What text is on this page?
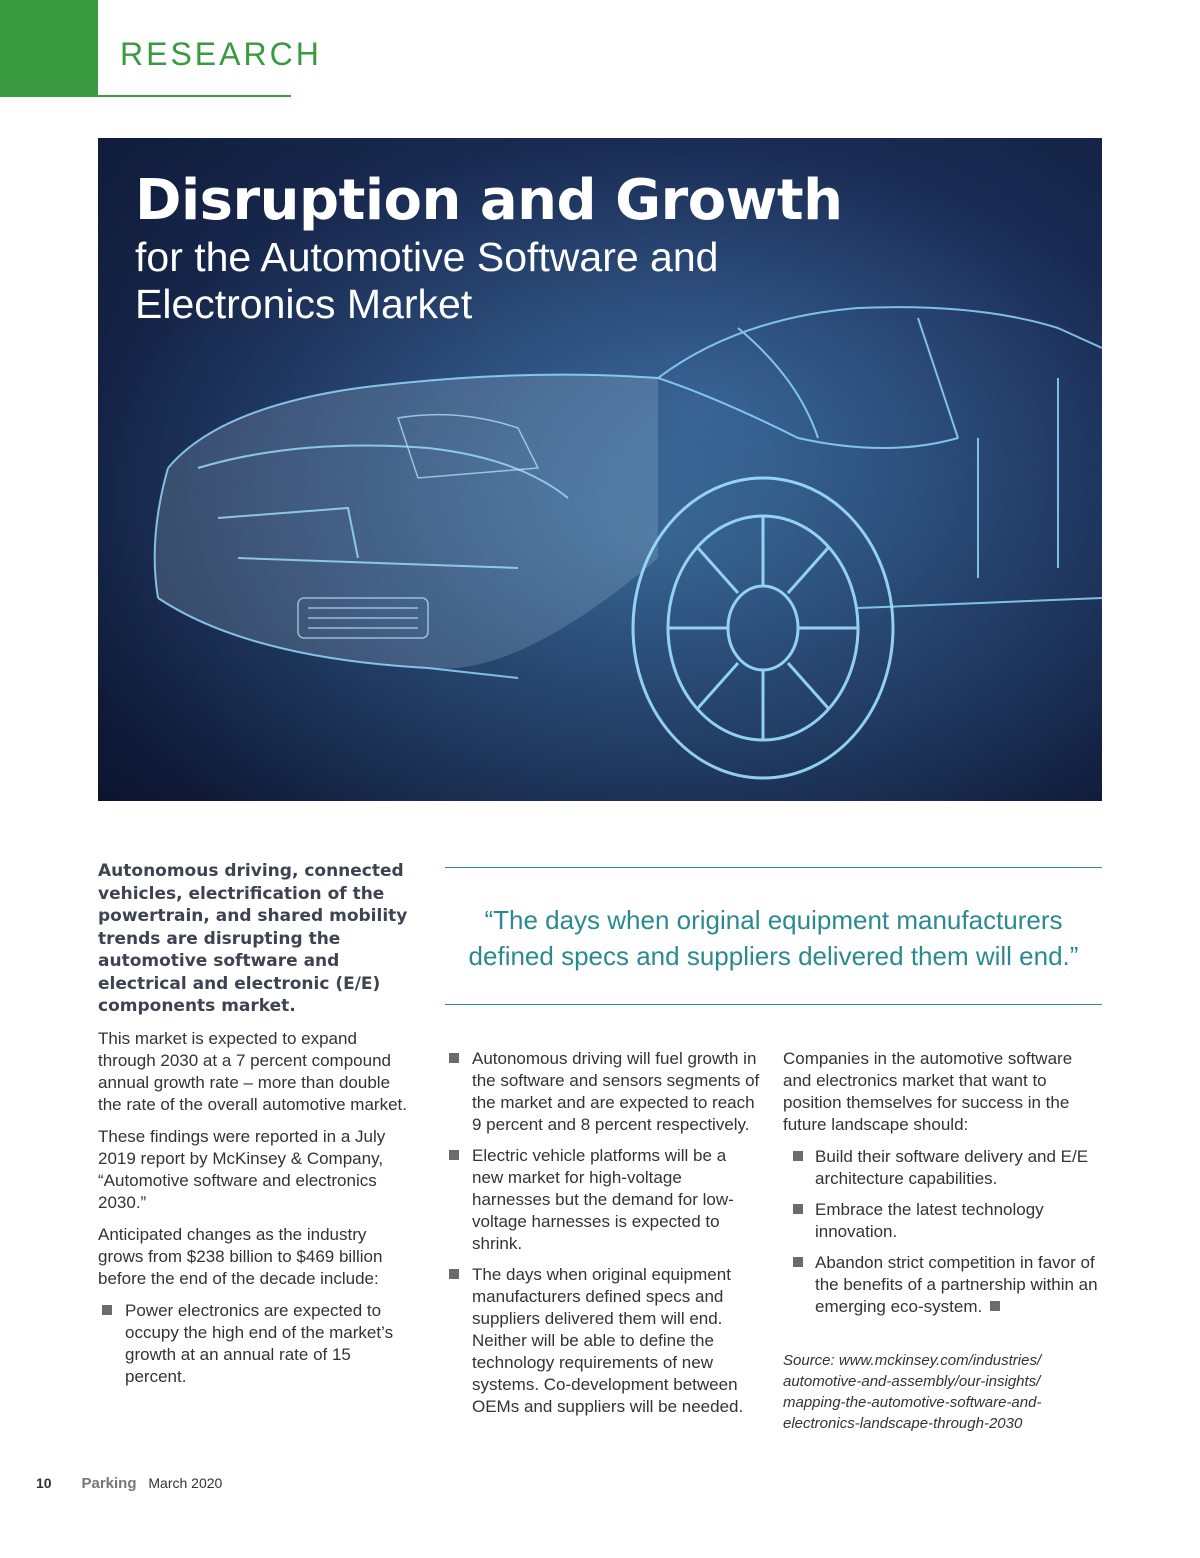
RESEARCH
Disruption and Growth
for the Automotive Software and Electronics Market

Autonomous driving, connected vehicles, electrification of the powertrain, and shared mobility trends are disrupting the automotive software and electrical and electronic (E/E) components market.

This market is expected to expand through 2030 at a 7 percent compound annual growth rate – more than double the rate of the overall automotive market.

These findings were reported in a July 2019 report by McKinsey & Company, “Automotive software and electronics 2030.”

Anticipated changes as the industry grows from $238 billion to $469 billion before the end of the decade include:

Power electronics are expected to occupy the high end of the market’s growth at an annual rate of 15 percent.
“The days when original equipment manufacturers defined specs and suppliers delivered them will end.”
Autonomous driving will fuel growth in the software and sensors segments of the market and are expected to reach 9 percent and 8 percent respectively.
Electric vehicle platforms will be a new market for high-voltage harnesses but the demand for low-voltage harnesses is expected to shrink.
The days when original equipment manufacturers defined specs and suppliers delivered them will end. Neither will be able to define the technology requirements of new systems. Co-development between OEMs and suppliers will be needed.

Companies in the automotive software and electronics market that want to position themselves for success in the future landscape should:

Build their software delivery and E/E architecture capabilities.
Embrace the latest technology innovation.
Abandon strict competition in favor of the benefits of a partnership within an emerging eco-system.
Source: www.mckinsey.com/industries/ automotive-and-assembly/our-insights/ mapping-the-automotive-software-and- electronics-landscape-through-2030
10 Parking March 2020
